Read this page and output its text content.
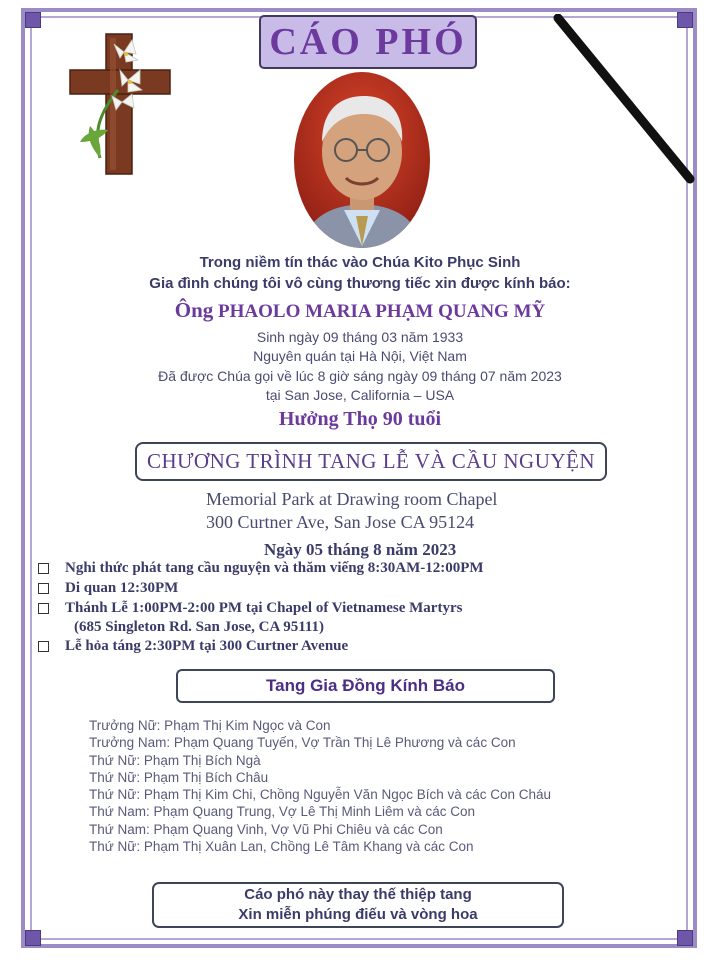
CÁO PHÓ
Trong niềm tín thác vào Chúa Kito Phục Sinh
Gia đình chúng tôi vô cùng thương tiếc xin được kính báo:
Ông PHAOLO MARIA PHẠM QUANG MỸ
Sinh ngày 09 tháng 03 năm 1933
Nguyên quán tại Hà Nội, Việt Nam
Đã được Chúa gọi về lúc 8 giờ sáng ngày 09 tháng 07 năm 2023
tại San Jose, California – USA
Hưởng Thọ 90 tuổi
CHƯƠNG TRÌNH TANG LỄ VÀ CẦU NGUYỆN
Memorial Park at Drawing room Chapel
300 Curtner Ave, San Jose CA 95124
Ngày 05 tháng 8 năm 2023
Nghi thức phát tang cầu nguyện và thăm viếng 8:30AM-12:00PM
Di quan 12:30PM
Thánh Lễ 1:00PM-2:00 PM tại Chapel of Vietnamese Martyrs
(685 Singleton Rd. San Jose, CA 95111)
Lễ hỏa táng 2:30PM tại 300 Curtner Avenue
Tang Gia Đồng Kính Báo
Trưởng Nữ: Phạm Thị Kim Ngọc và Con
Trưởng Nam: Phạm Quang Tuyến, Vợ Trần Thị Lê Phương và các Con
Thứ Nữ: Phạm Thị Bích Ngà
Thứ Nữ: Phạm Thị Bích Châu
Thứ Nữ: Phạm Thị Kim Chi, Chồng Nguyễn Văn Ngọc Bích và các Con Cháu
Thứ Nam: Phạm Quang Trung, Vợ Lê Thị Minh Liêm và các Con
Thứ Nam: Phạm Quang Vinh, Vợ Vũ Phi Chiêu và các Con
Thứ Nữ: Phạm Thị Xuân Lan, Chồng Lê Tâm Khang và các Con
Cáo phó này thay thế thiệp tang
Xin miễn phúng điếu và vòng hoa
